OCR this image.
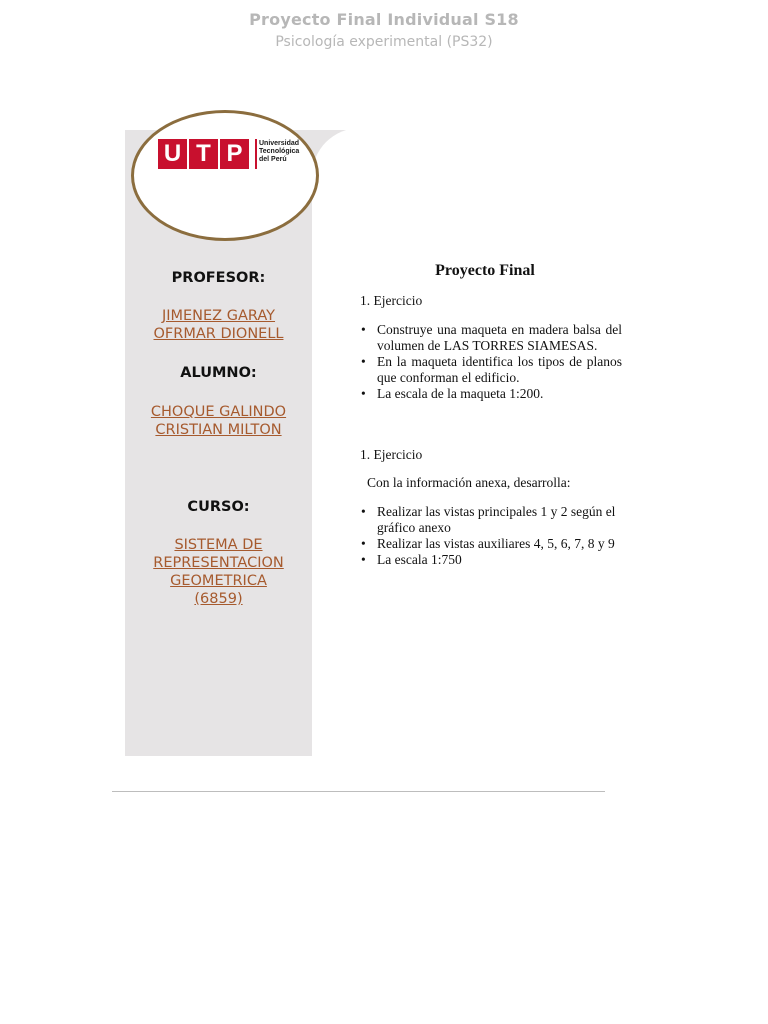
Proyecto Final Individual S18
Psicología experimental (PS32)
U T P	Universidad
Tecnológica
del Perú
PROFESOR:
JIMENEZ GARAY
OFRMAR DIONELL
ALUMNO:
CHOQUE GALINDO
CRISTIAN MILTON
CURSO:
SISTEMA DE
REPRESENTACION
GEOMETRICA
(6859)
Proyecto Final
1. Ejercicio
• Construye una maqueta en madera balsa del volumen de LAS TORRES SIAMESAS.
• En la maqueta identifica los tipos de planos que conforman el edificio.
• La escala de la maqueta 1:200.
1. Ejercicio
Con la información anexa, desarrolla:
• Realizar las vistas principales 1 y 2 según el gráfico anexo
• Realizar las vistas auxiliares 4, 5, 6, 7, 8 y 9
• La escala 1:750
